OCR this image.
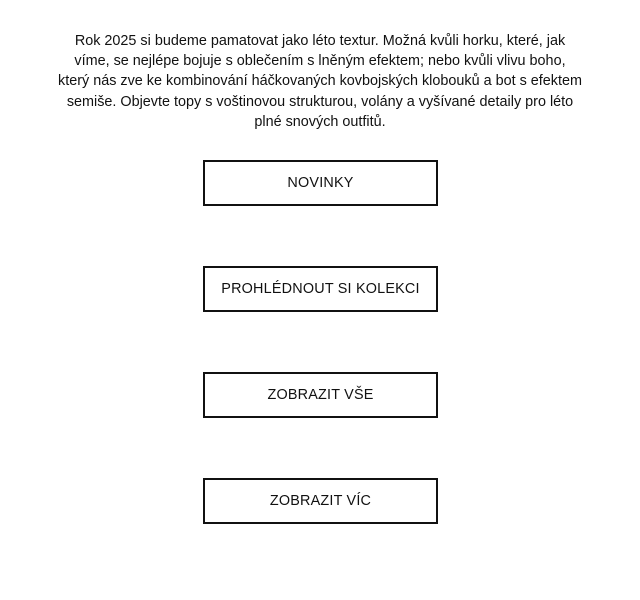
Rok 2025 si budeme pamatovat jako léto textur. Možná kvůli horku, které, jak víme, se nejlépe bojuje s oblečením s lněným efektem; nebo kvůli vlivu boho, který nás zve ke kombinování háčkovaných kovbojských klobouků a bot s efektem semiše. Objevte topy s voštinovou strukturou, volány a vyšívané detaily pro léto plné snových outfitů.

NOVINKY
PROHLÉDNOUT SI KOLEKCI
ZOBRAZIT VŠE
ZOBRAZIT VÍC
